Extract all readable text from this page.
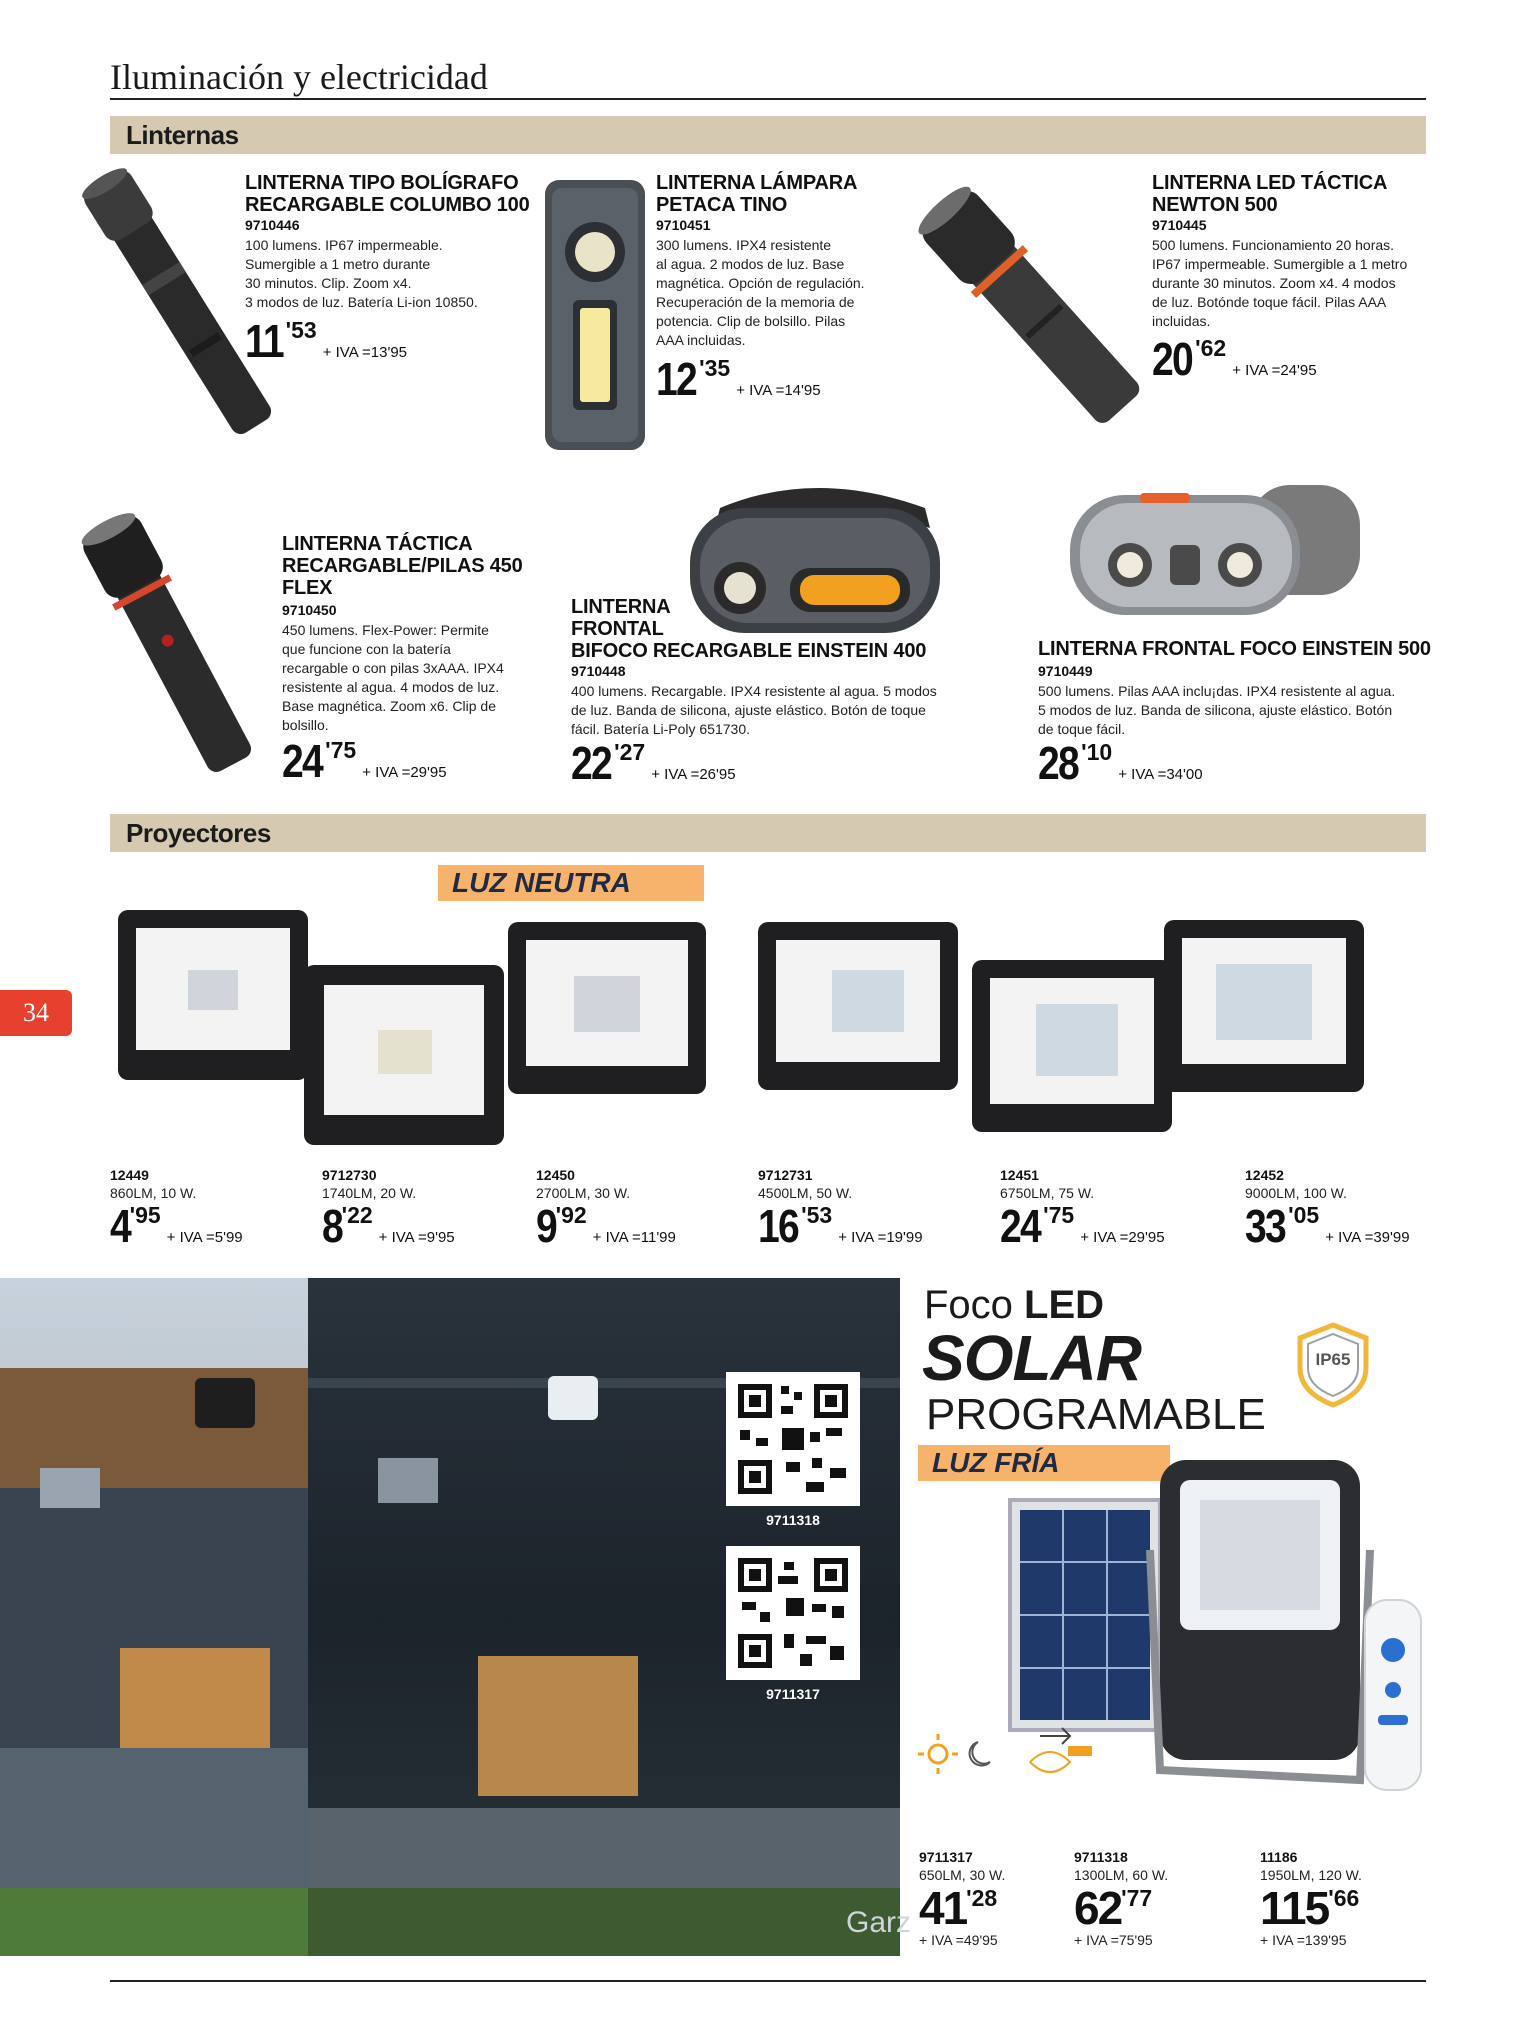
Iluminación y electricidad
Linternas
LINTERNA TIPO BOLÍGRAFO
RECARGABLE COLUMBO 100
9710446
100 lumens. IP67 impermeable.
Sumergible a 1 metro durante
30 minutos. Clip. Zoom x4.
3 modos de luz. Batería Li-ion 10850.
11 '53
+ IVA =13'95
LINTERNA LÁMPARA
PETACA TINO
9710451
300 lumens. IPX4 resistente
al agua. 2 modos de luz. Base
magnética. Opción de regulación.
Recuperación de la memoria de
potencia. Clip de bolsillo. Pilas
AAA incluidas.
12 '35
+ IVA =14'95
LINTERNA LED TÁCTICA
NEWTON 500
9710445
500 lumens. Funcionamiento 20 horas.
IP67 impermeable. Sumergible a 1 metro
durante 30 minutos. Zoom x4. 4 modos
de luz. Botónde toque fácil. Pilas AAA
incluidas.
20 '62
+ IVA =24'95
LINTERNA TÁCTICA
RECARGABLE/PILAS 450
FLEX
9710450
450 lumens. Flex-Power: Permite
que funcione con la batería
recargable o con pilas 3xAAA. IPX4
resistente al agua. 4 modos de luz.
Base magnética. Zoom x6. Clip de
bolsillo.
24 '75
+ IVA =29'95
LINTERNA
FRONTAL
BIFOCO RECARGABLE EINSTEIN 400
9710448
400 lumens. Recargable. IPX4 resistente al agua. 5 modos
de luz. Banda de silicona, ajuste elástico. Botón de toque
fácil. Batería Li-Poly 651730.
22 '27
+ IVA =26'95
LINTERNA FRONTAL FOCO EINSTEIN 500
9710449
500 lumens. Pilas AAA inclu¡das. IPX4 resistente al agua.
5 modos de luz. Banda de silicona, ajuste elástico. Botón
de toque fácil.
28 '10
+ IVA =34'00
Proyectores
LUZ NEUTRA
34
12449
860LM, 10 W.
4 '95
+ IVA =5'99
9712730
1740LM, 20 W.
8 '22
+ IVA =9'95
12450
2700LM, 30 W.
9 '92
+ IVA =11'99
9712731
4500LM, 50 W.
16 '53
+ IVA =19'99
12451
6750LM, 75 W.
24 '75
+ IVA =29'95
12452
9000LM, 100 W.
33 '05
+ IVA =39'99
Garz
9711318
9711317
Foco LED
SOLAR
PROGRAMABLE
IP65
LUZ FRÍA
9711317
650LM, 30 W.
41'28
+ IVA =49'95
9711318
1300LM, 60 W.
62'77
+ IVA =75'95
11186
1950LM, 120 W.
115'66
+ IVA =139'95
